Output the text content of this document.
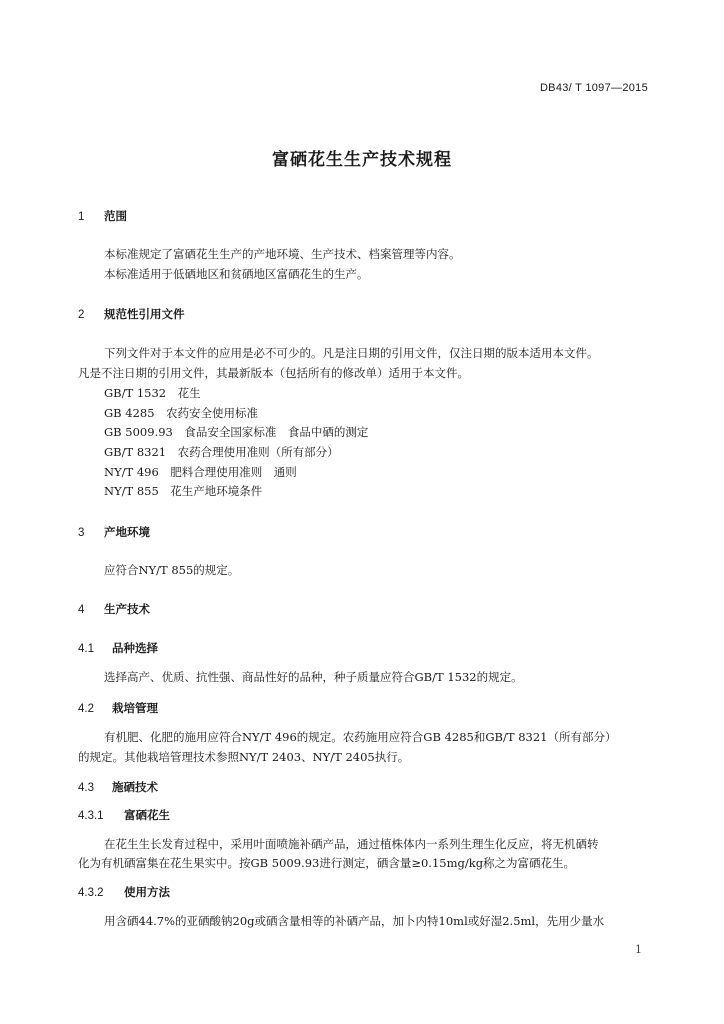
DB43/ T 1097—2015
富硒花生生产技术规程
1 范围
本标准规定了富硒花生生产的产地环境、生产技术、档案管理等内容。
本标准适用于低硒地区和贫硒地区富硒花生的生产。
2 规范性引用文件
下列文件对于本文件的应用是必不可少的。凡是注日期的引用文件，仅注日期的版本适用本文件。
凡是不注日期的引用文件，其最新版本（包括所有的修改单）适用于本文件。
GB/T 1532　花生
GB 4285　农药安全使用标准
GB 5009.93　食品安全国家标准　食品中硒的测定
GB/T 8321　农药合理使用准则（所有部分）
NY/T 496　肥料合理使用准则　通则
NY/T 855　花生产地环境条件
3 产地环境
应符合NY/T 855的规定。
4 生产技术
4.1 品种选择
选择高产、优质、抗性强、商品性好的品种，种子质量应符合GB/T 1532的规定。
4.2 栽培管理
有机肥、化肥的施用应符合NY/T 496的规定。农药施用应符合GB 4285和GB/T 8321（所有部分）
的规定。其他栽培管理技术参照NY/T 2403、NY/T 2405执行。
4.3 施硒技术
4.3.1 富硒花生
在花生生长发育过程中，采用叶面喷施补硒产品，通过植株体内一系列生理生化反应，将无机硒转
化为有机硒富集在花生果实中。按GB 5009.93进行测定，硒含量≥0.15mg/kg称之为富硒花生。
4.3.2 使用方法
用含硒44.7%的亚硒酸钠20g或硒含量相等的补硒产品，加卜内特10ml或好湿2.5ml，先用少量水
1
